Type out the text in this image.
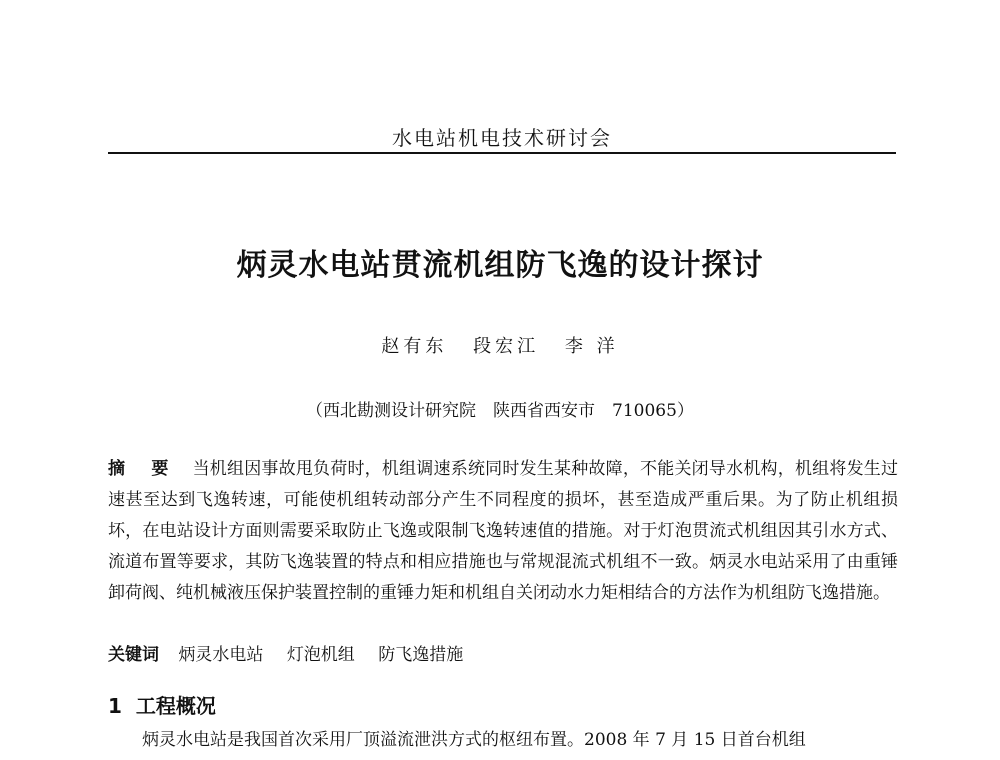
水电站机电技术研讨会
炳灵水电站贯流机组防飞逸的设计探讨
赵有东 段宏江 李 洋
（西北勘测设计研究院　陕西省西安市　710065）
摘 要 当机组因事故甩负荷时，机组调速系统同时发生某种故障，不能关闭导水机构，机组将发生过速甚至达到飞逸转速，可能使机组转动部分产生不同程度的损坏，甚至造成严重后果。为了防止机组损坏，在电站设计方面则需要采取防止飞逸或限制飞逸转速值的措施。对于灯泡贯流式机组因其引水方式、流道布置等要求，其防飞逸装置的特点和相应措施也与常规混流式机组不一致。炳灵水电站采用了由重锤卸荷阀、纯机械液压保护装置控制的重锤力矩和机组自关闭动水力矩相结合的方法作为机组防飞逸措施。
关键词 炳灵水电站 灯泡机组 防飞逸措施
1 工程概况
炳灵水电站是我国首次采用厂顶溢流泄洪方式的枢纽布置。2008 年 7 月 15 日首台机组
